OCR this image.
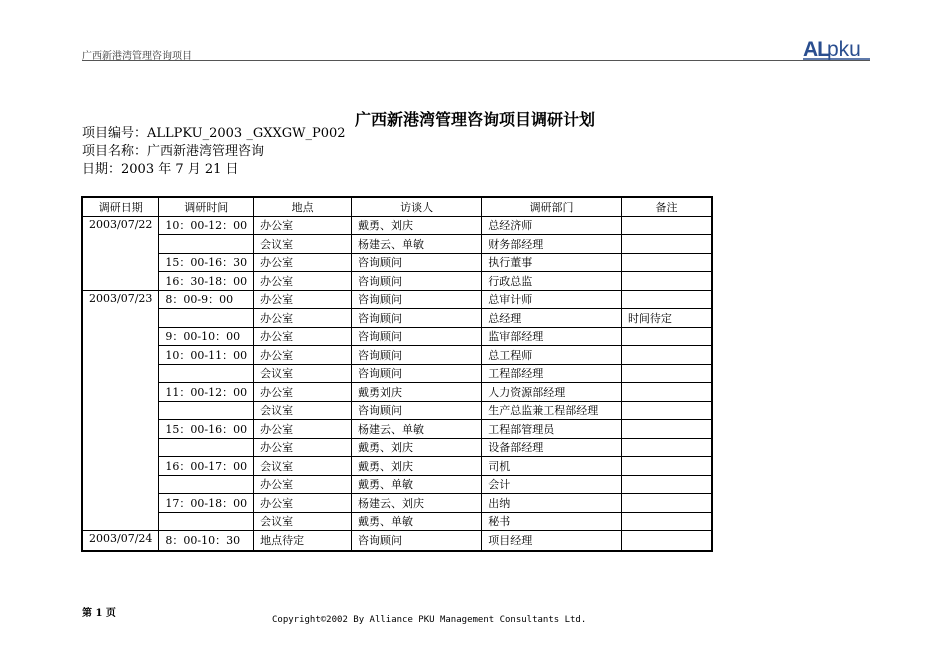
广西新港湾管理咨询项目	AL
pku
广西新港湾管理咨询项目调研计划
项目编号：ALLPKU_2003 _GXXGW_P002
项目名称：广西新港湾管理咨询
日期：2003 年 7 月 21 日
调研日期	调研时间	地点	访谈人	调研部门	备注
2003/07/22	10：00-12：00	办公室	戴勇、刘庆	总经济师	
		会议室	杨建云、单敏	财务部经理	
	15：00-16：30	办公室	咨询顾问	执行董事	
	16：30-18：00	办公室	咨询顾问	行政总监	
2003/07/23	8：00-9：00	办公室	咨询顾问	总审计师	
		办公室	咨询顾问	总经理	时间待定
	9：00-10：00	办公室	咨询顾问	监审部经理	
	10：00-11：00	办公室	咨询顾问	总工程师	
		会议室	咨询顾问	工程部经理	
	11：00-12：00	办公室	戴勇刘庆	人力资源部经理	
		会议室	咨询顾问	生产总监兼工程部经理	
	15：00-16：00	办公室	杨建云、单敏	工程部管理员	
		办公室	戴勇、刘庆	设备部经理	
	16：00-17：00	会议室	戴勇、刘庆	司机	
		办公室	戴勇、单敏	会计	
	17：00-18：00	办公室	杨建云、刘庆	出纳	
		会议室	戴勇、单敏	秘书	
2003/07/24	8：00-10：30	地点待定	咨询顾问	项目经理	
第 1 页
Copyright©2002 By Alliance PKU Management Consultants Ltd.
